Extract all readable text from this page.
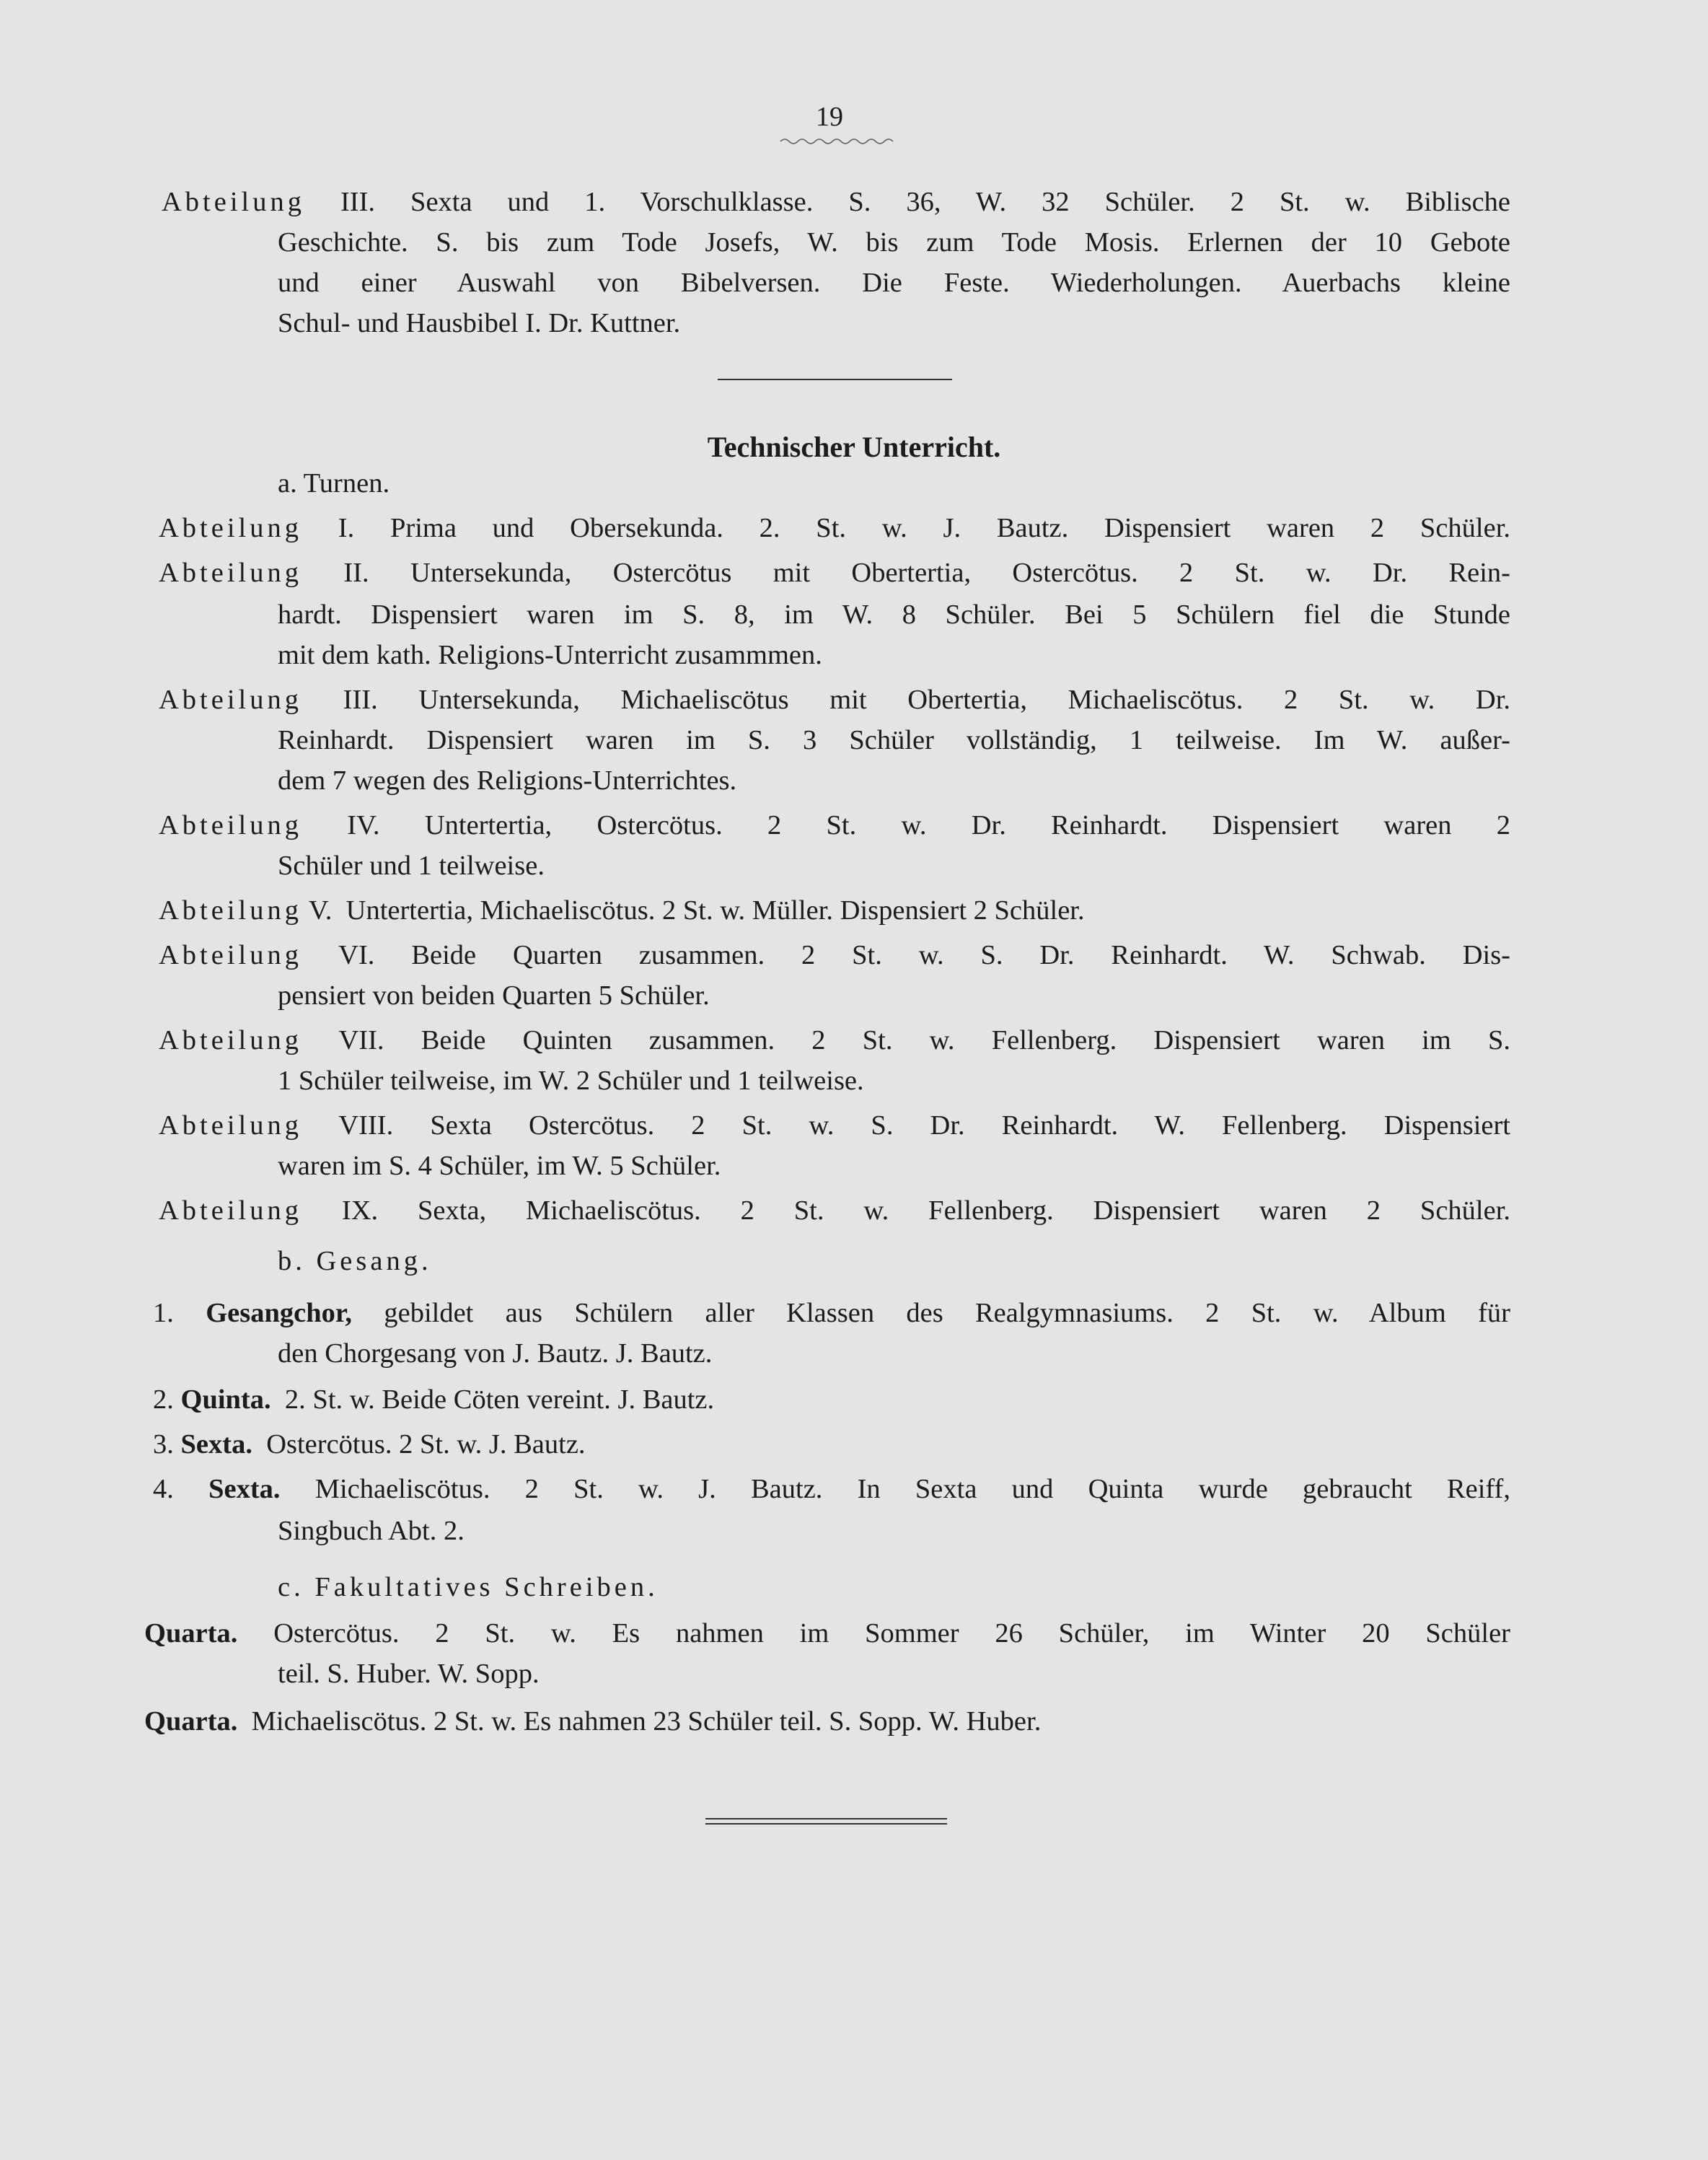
19
Abteilung III. Sexta und 1. Vorschulklasse. S. 36, W. 32 Schüler. 2 St. w. Biblische
Geschichte. S. bis zum Tode Josefs, W. bis zum Tode Mosis. Erlernen der 10 Gebote
und einer Auswahl von Bibelversen. Die Feste. Wiederholungen. Auerbachs kleine
Schul- und Hausbibel I. Dr. Kuttner.
Technischer Unterricht.
a. Turnen.
Abteilung I. Prima und Obersekunda. 2. St. w. J. Bautz. Dispensiert waren 2 Schüler.
Abteilung II. Untersekunda, Ostercötus mit Obertertia, Ostercötus. 2 St. w. Dr. Rein-
hardt. Dispensiert waren im S. 8, im W. 8 Schüler. Bei 5 Schülern fiel die Stunde
mit dem kath. Religions-Unterricht zusammmen.
Abteilung III. Untersekunda, Michaeliscötus mit Obertertia, Michaeliscötus. 2 St. w. Dr.
Reinhardt. Dispensiert waren im S. 3 Schüler vollständig, 1 teilweise. Im W. außer-
dem 7 wegen des Religions-Unterrichtes.
Abteilung IV. Untertertia, Ostercötus. 2 St. w. Dr. Reinhardt. Dispensiert waren 2
Schüler und 1 teilweise.
Abteilung V. Untertertia, Michaeliscötus. 2 St. w. Müller. Dispensiert 2 Schüler.
Abteilung VI. Beide Quarten zusammen. 2 St. w. S. Dr. Reinhardt. W. Schwab. Dis-
pensiert von beiden Quarten 5 Schüler.
Abteilung VII. Beide Quinten zusammen. 2 St. w. Fellenberg. Dispensiert waren im S.
1 Schüler teilweise, im W. 2 Schüler und 1 teilweise.
Abteilung VIII. Sexta Ostercötus. 2 St. w. S. Dr. Reinhardt. W. Fellenberg. Dispensiert
waren im S. 4 Schüler, im W. 5 Schüler.
Abteilung IX. Sexta, Michaeliscötus. 2 St. w. Fellenberg. Dispensiert waren 2 Schüler.
b. Gesang.
1. Gesangchor, gebildet aus Schülern aller Klassen des Realgymnasiums. 2 St. w. Album für
den Chorgesang von J. Bautz. J. Bautz.
2. Quinta. 2. St. w. Beide Cöten vereint. J. Bautz.
3. Sexta. Ostercötus. 2 St. w. J. Bautz.
4. Sexta. Michaeliscötus. 2 St. w. J. Bautz. In Sexta und Quinta wurde gebraucht Reiff,
Singbuch Abt. 2.
c. Fakultatives Schreiben.
Quarta. Ostercötus. 2 St. w. Es nahmen im Sommer 26 Schüler, im Winter 20 Schüler
teil. S. Huber. W. Sopp.
Quarta. Michaeliscötus. 2 St. w. Es nahmen 23 Schüler teil. S. Sopp. W. Huber.
